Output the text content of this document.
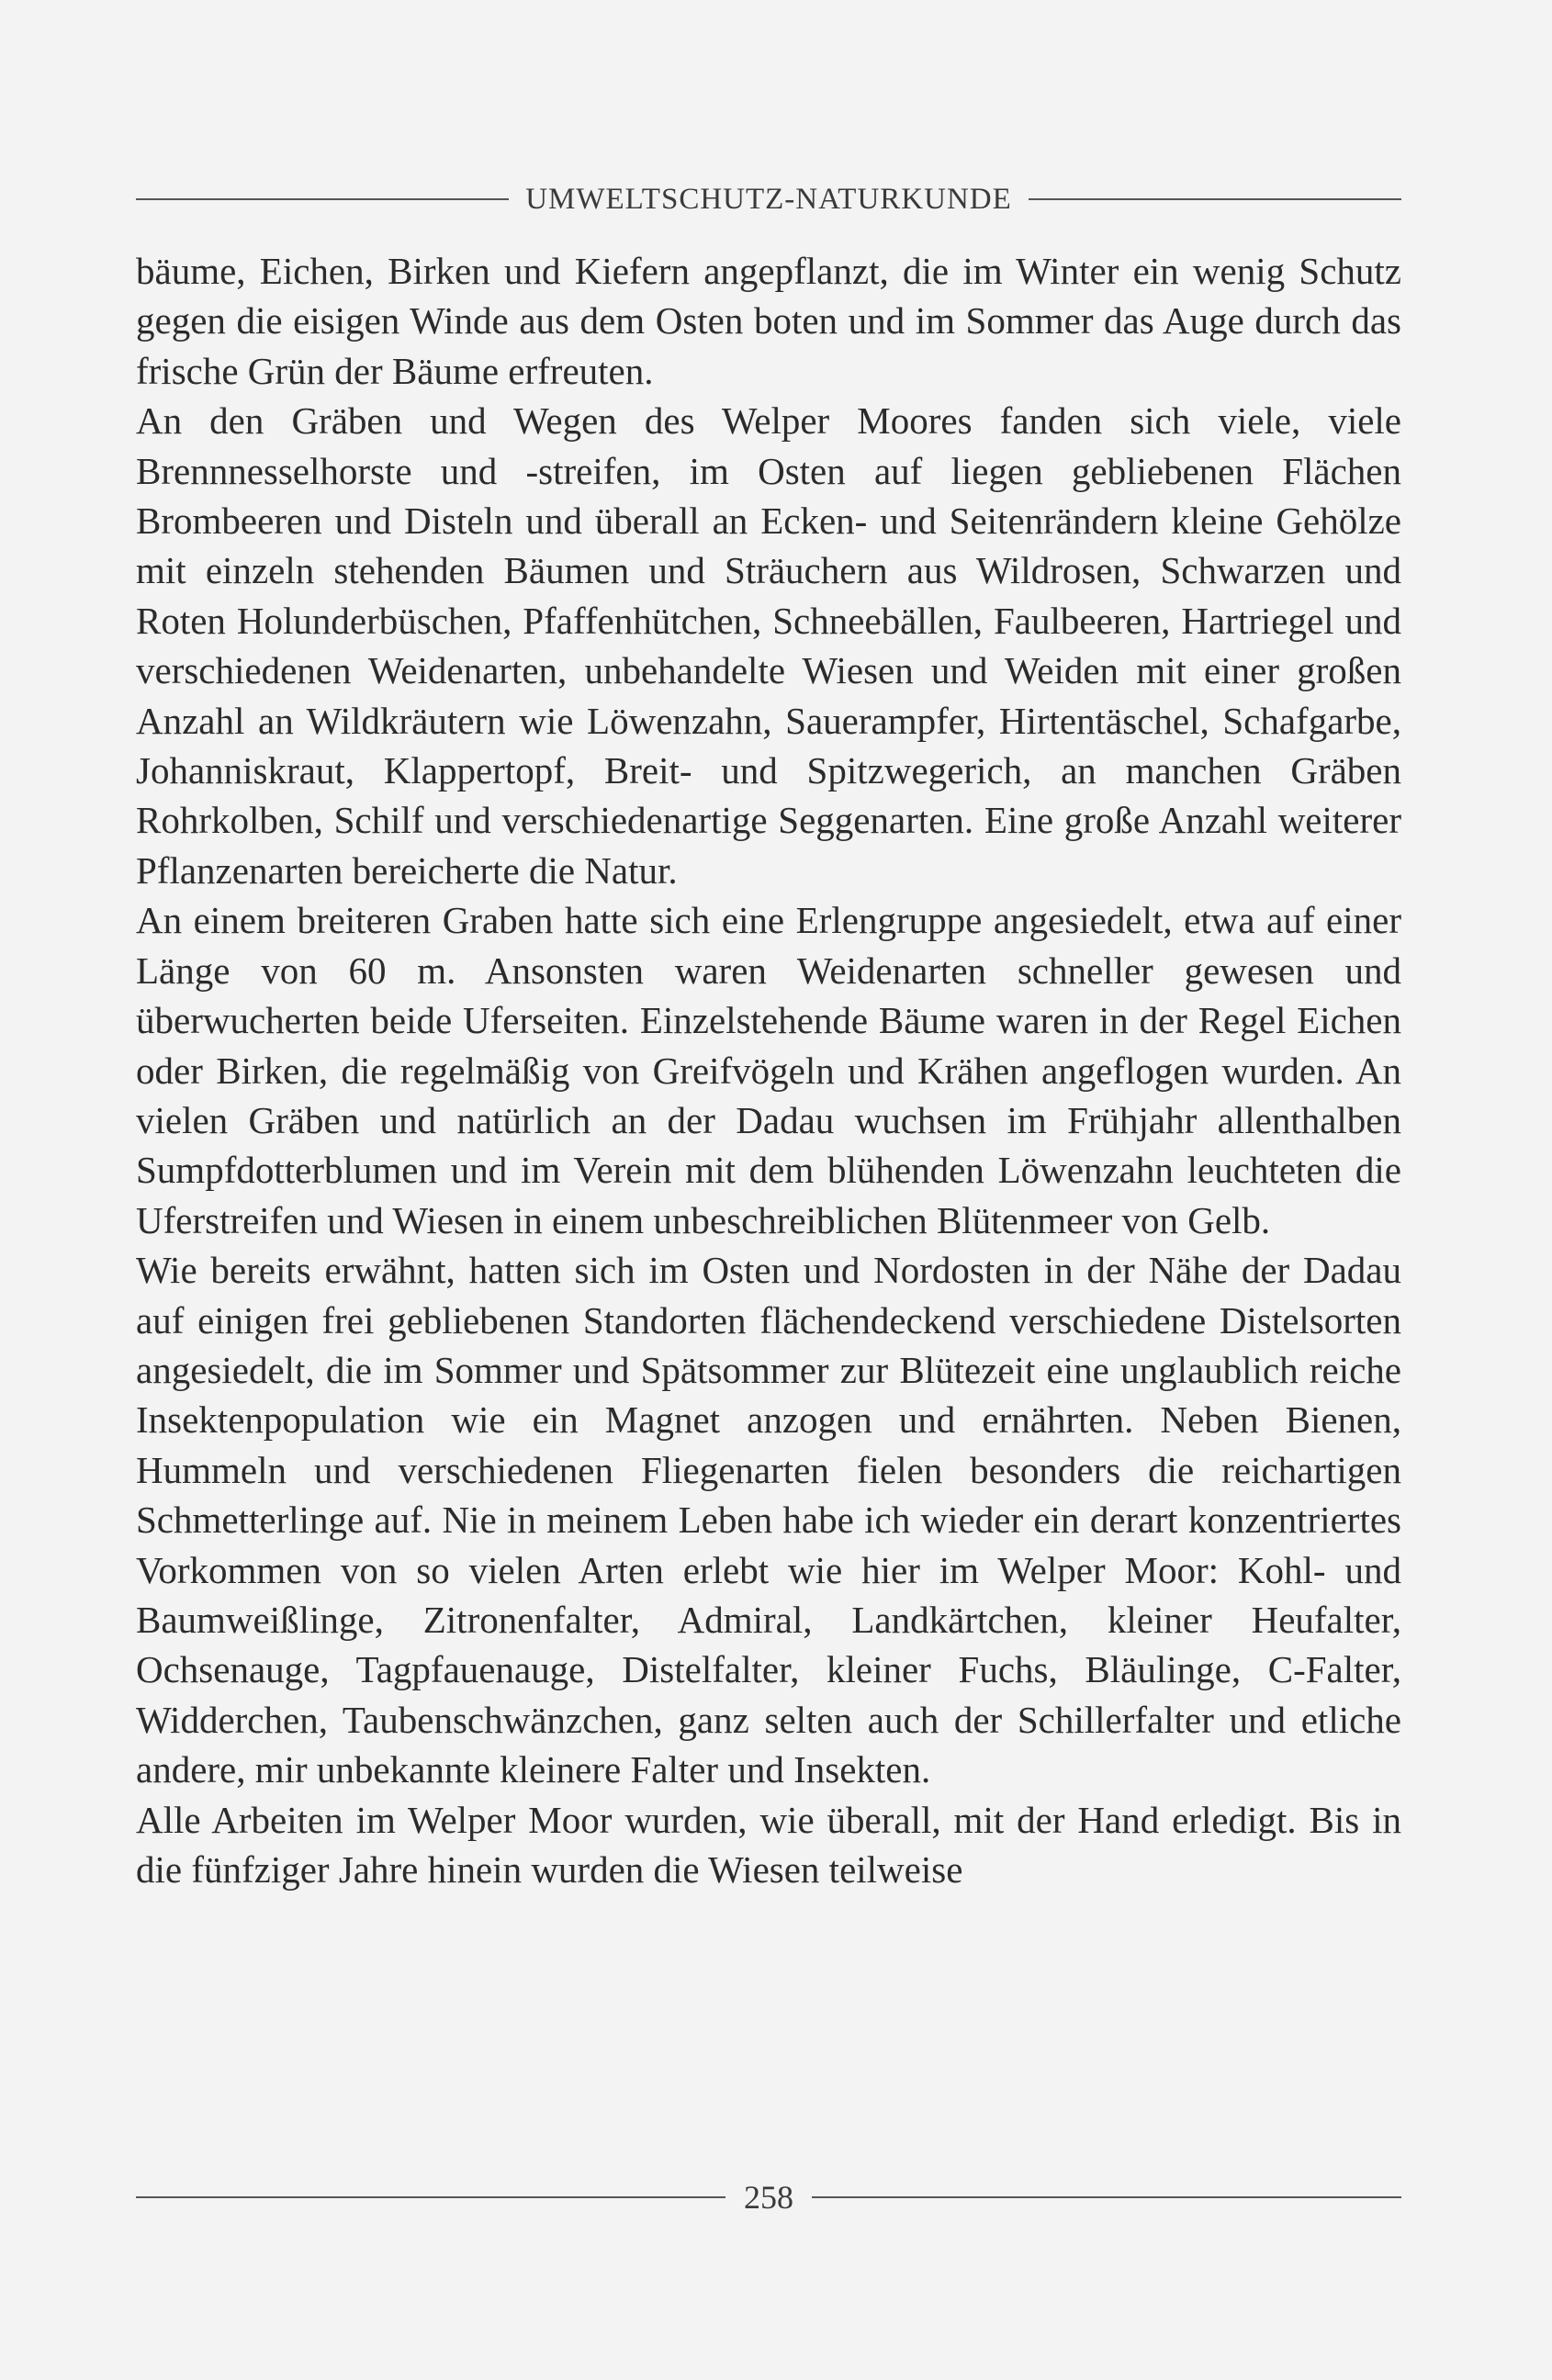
UMWELTSCHUTZ-NATURKUNDE

bäume, Eichen, Birken und Kiefern angepflanzt, die im Winter ein wenig Schutz gegen die eisigen Winde aus dem Osten boten und im Sommer das Auge durch das frische Grün der Bäume erfreuten.

An den Gräben und Wegen des Welper Moores fanden sich viele, viele Brennnesselhorste und -streifen, im Osten auf liegen gebliebenen Flächen Brombeeren und Disteln und überall an Ecken- und Seitenrändern kleine Gehölze mit einzeln stehenden Bäumen und Sträuchern aus Wildrosen, Schwarzen und Roten Holunderbüschen, Pfaffenhütchen, Schneebällen, Faulbeeren, Hartriegel und verschiedenen Weidenarten, unbehandelte Wiesen und Weiden mit einer großen Anzahl an Wildkräutern wie Löwenzahn, Sauerampfer, Hirtentäschel, Schafgarbe, Johanniskraut, Klappertopf, Breit- und Spitzwegerich, an manchen Gräben Rohrkolben, Schilf und verschiedenartige Seggenarten. Eine große Anzahl weiterer Pflanzenarten bereicherte die Natur.

An einem breiteren Graben hatte sich eine Erlengruppe angesiedelt, etwa auf einer Länge von 60 m. Ansonsten waren Weidenarten schneller gewesen und überwucherten beide Uferseiten. Einzelstehende Bäume waren in der Regel Eichen oder Birken, die regelmäßig von Greifvögeln und Krähen angeflogen wurden. An vielen Gräben und natürlich an der Dadau wuchsen im Frühjahr allenthalben Sumpfdotterblumen und im Verein mit dem blühenden Löwenzahn leuchteten die Uferstreifen und Wiesen in einem unbeschreiblichen Blütenmeer von Gelb.

Wie bereits erwähnt, hatten sich im Osten und Nordosten in der Nähe der Dadau auf einigen frei gebliebenen Standorten flächendeckend verschiedene Distelsorten angesiedelt, die im Sommer und Spätsommer zur Blütezeit eine unglaublich reiche Insektenpopulation wie ein Magnet anzogen und ernährten. Neben Bienen, Hummeln und verschiedenen Fliegenarten fielen besonders die reichartigen Schmetterlinge auf. Nie in meinem Leben habe ich wieder ein derart konzentriertes Vorkommen von so vielen Arten erlebt wie hier im Welper Moor: Kohl- und Baumweißlinge, Zitronenfalter, Admiral, Landkärtchen, kleiner Heufalter, Ochsenauge, Tagpfauenauge, Distelfalter, kleiner Fuchs, Bläulinge, C-Falter, Widderchen, Taubenschwänzchen, ganz selten auch der Schillerfalter und etliche andere, mir unbekannte kleinere Falter und Insekten.

Alle Arbeiten im Welper Moor wurden, wie überall, mit der Hand erledigt. Bis in die fünfziger Jahre hinein wurden die Wiesen teilweise

258
